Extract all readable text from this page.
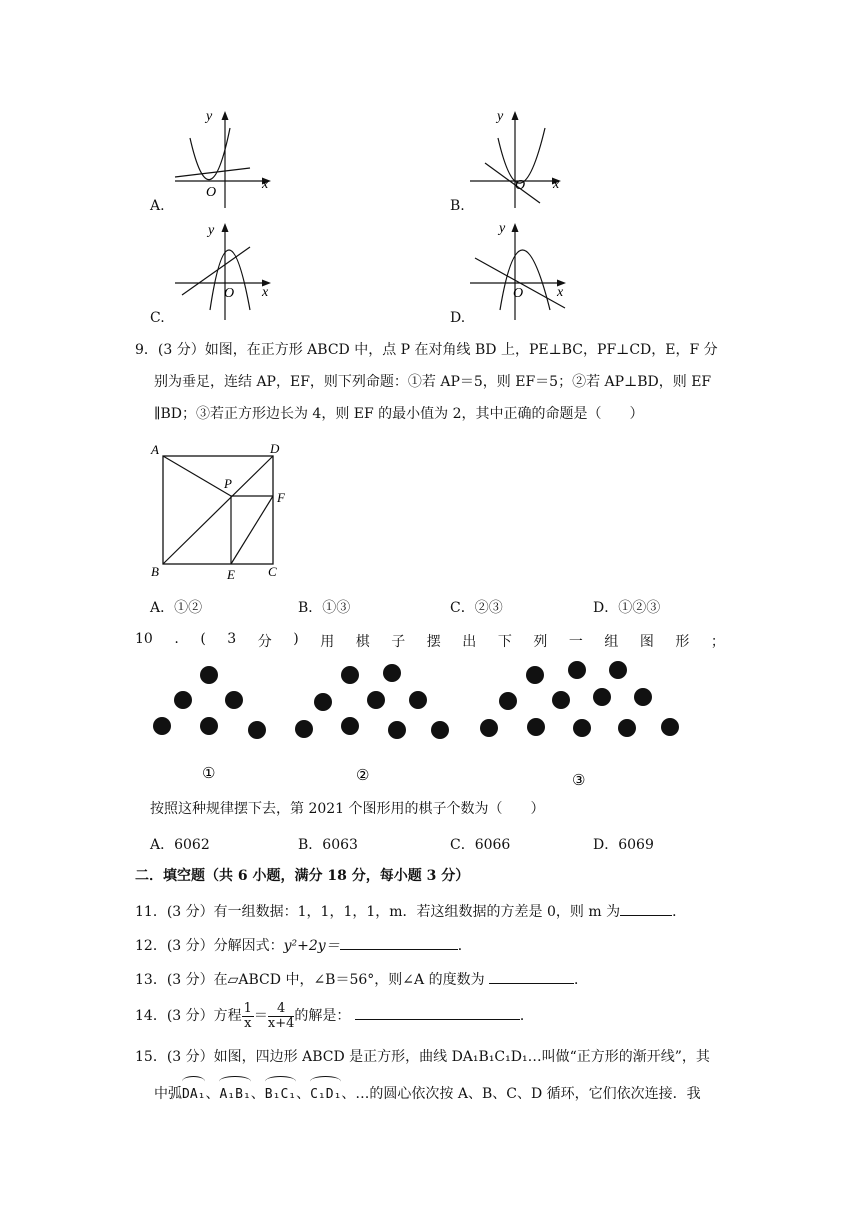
y
x
O
A.
y
x
O
B.
y
x
O
C.
y
x
O
D.
9．(3 分）如图，在正方形 ABCD 中，点 P 在对角线 BD 上，PE⊥BC，PF⊥CD，E，F 分
别为垂足，连结 AP，EF，则下列命题：①若 AP＝5，则 EF＝5；②若 AP⊥BD，则 EF
∥BD；③若正方形边长为 4，则 EF 的最小值为 2，其中正确的命题是（　　）
A	D
P
F
B	E	C
A．①②	B．①③	C．②③	D．①②③
10 . ( 3 分 ) 用 棋 子 摆 出 下 列 一 组 图 形 ；
①	②	③
按照这种规律摆下去，第 2021 个图形用的棋子个数为（　　）
A．6062	B．6063	C．6066	D．6069
二．填空题（共 6 小题，满分 18 分，每小题 3 分）
11．(3 分）有一组数据：1，1，1，1，m．若这组数据的方差是 0，则 m 为	．
12．(3 分）分解因式：y²+2y＝	．
13．(3 分）在▱ABCD 中，∠B＝56°，则∠A 的度数为	．
14．(3 分）方程 $\frac{1}{x} = \frac{4}{x+4}$ 的解是：	．
15．(3 分）如图，四边形 ABCD 是正方形，曲线 DA₁B₁C₁D₁…叫做“正方形的渐开线”，其
中弧DA₁、A₁B₁、B₁C₁、C₁D₁、…的圆心依次按 A、B、C、D 循环，它们依次连接．我
